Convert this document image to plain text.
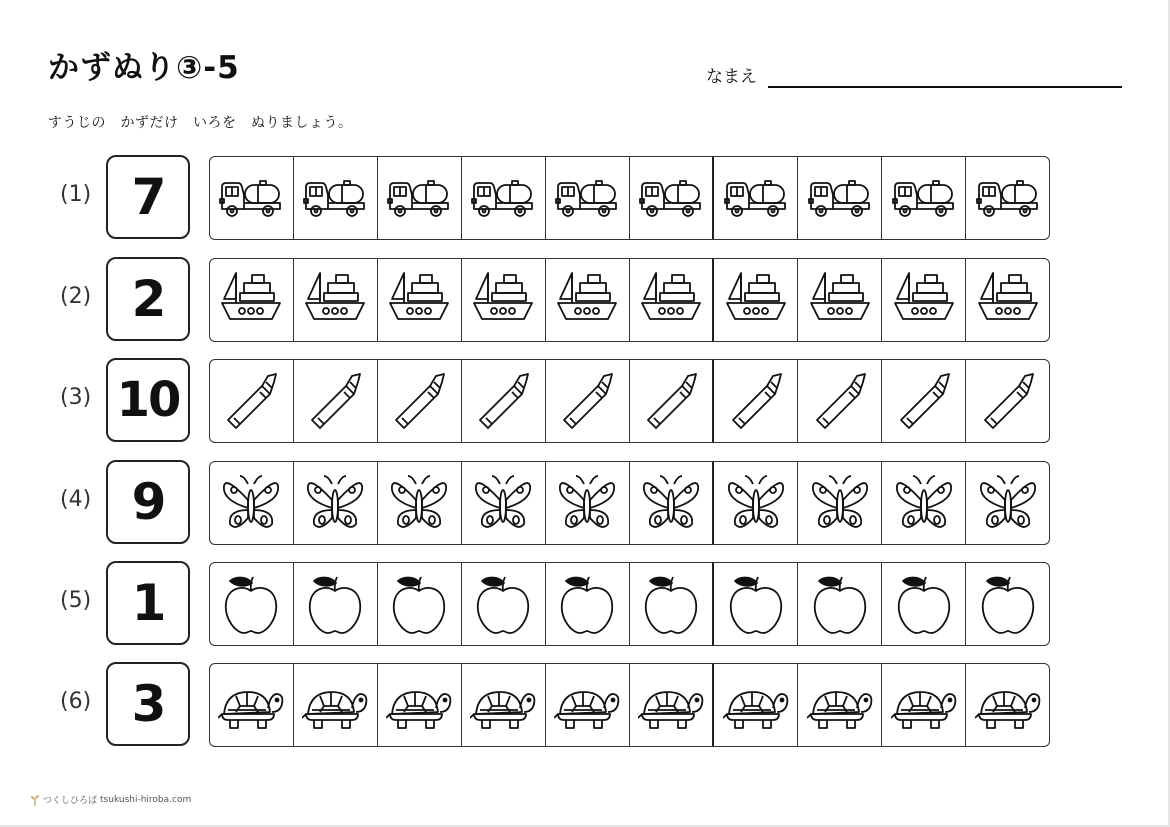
かずぬり③-5	なまえ
すうじの　かずだけ　いろを　ぬりましょう。
(1) 7
(2) 2
(3) 10
(4) 9
(5) 1
(6) 3
つくしひろば tsukushi-hiroba.com
